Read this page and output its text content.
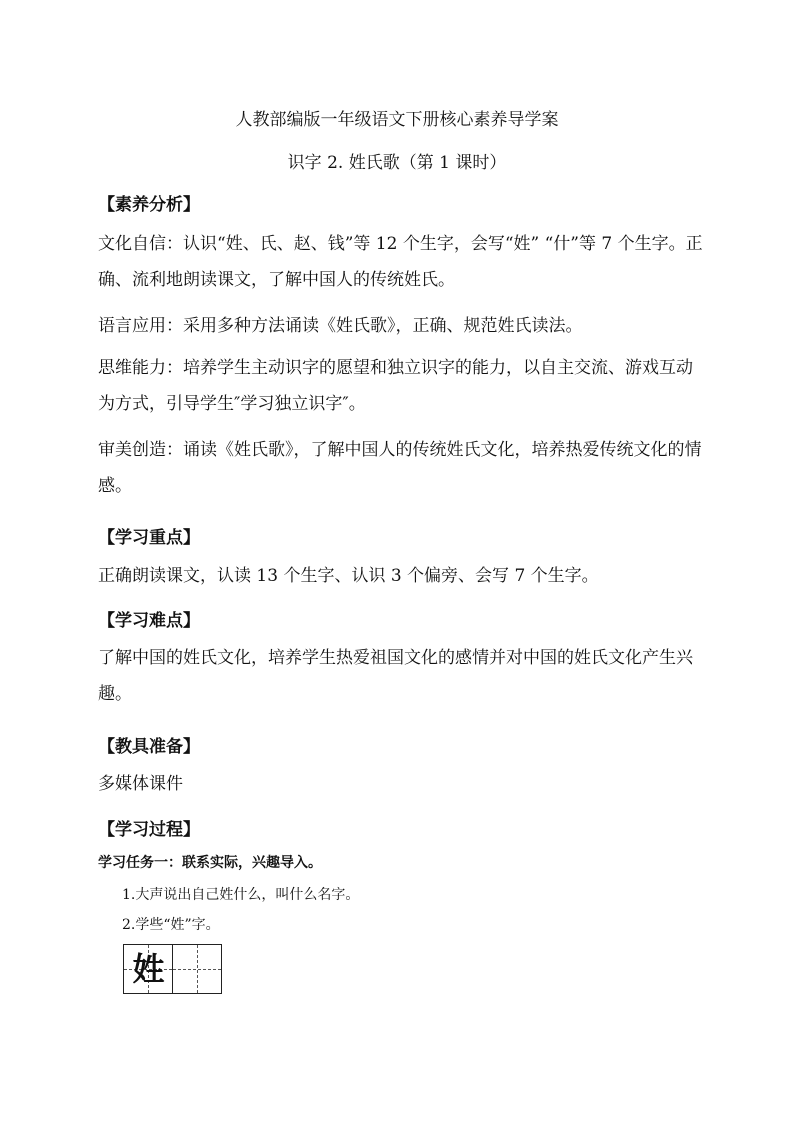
人教部编版一年级语文下册核心素养导学案
识字 2. 姓氏歌（第 1 课时）
【素养分析】

文化自信：认识“姓、氏、赵、钱”等 12 个生字，会写“姓” “什”等 7 个生字。正确、流利地朗读课文，了解中国人的传统姓氏。

语言应用：采用多种方法诵读《姓氏歌》，正确、规范姓氏读法。

思维能力：培养学生主动识字的愿望和独立识字的能力，以自主交流、游戏互动为方式，引导学生″学习独立识字″。

审美创造：诵读《姓氏歌》，了解中国人的传统姓氏文化，培养热爱传统文化的情感。

【学习重点】

正确朗读课文，认读 13 个生字、认识 3 个偏旁、会写 7 个生字。

【学习难点】

了解中国的姓氏文化，培养学生热爱祖国文化的感情并对中国的姓氏文化产生兴趣。

【教具准备】

多媒体课件

【学习过程】
学习任务一：联系实际，兴趣导入。
1.大声说出自己姓什么，叫什么名字。
2.学些“姓”字。
姓
